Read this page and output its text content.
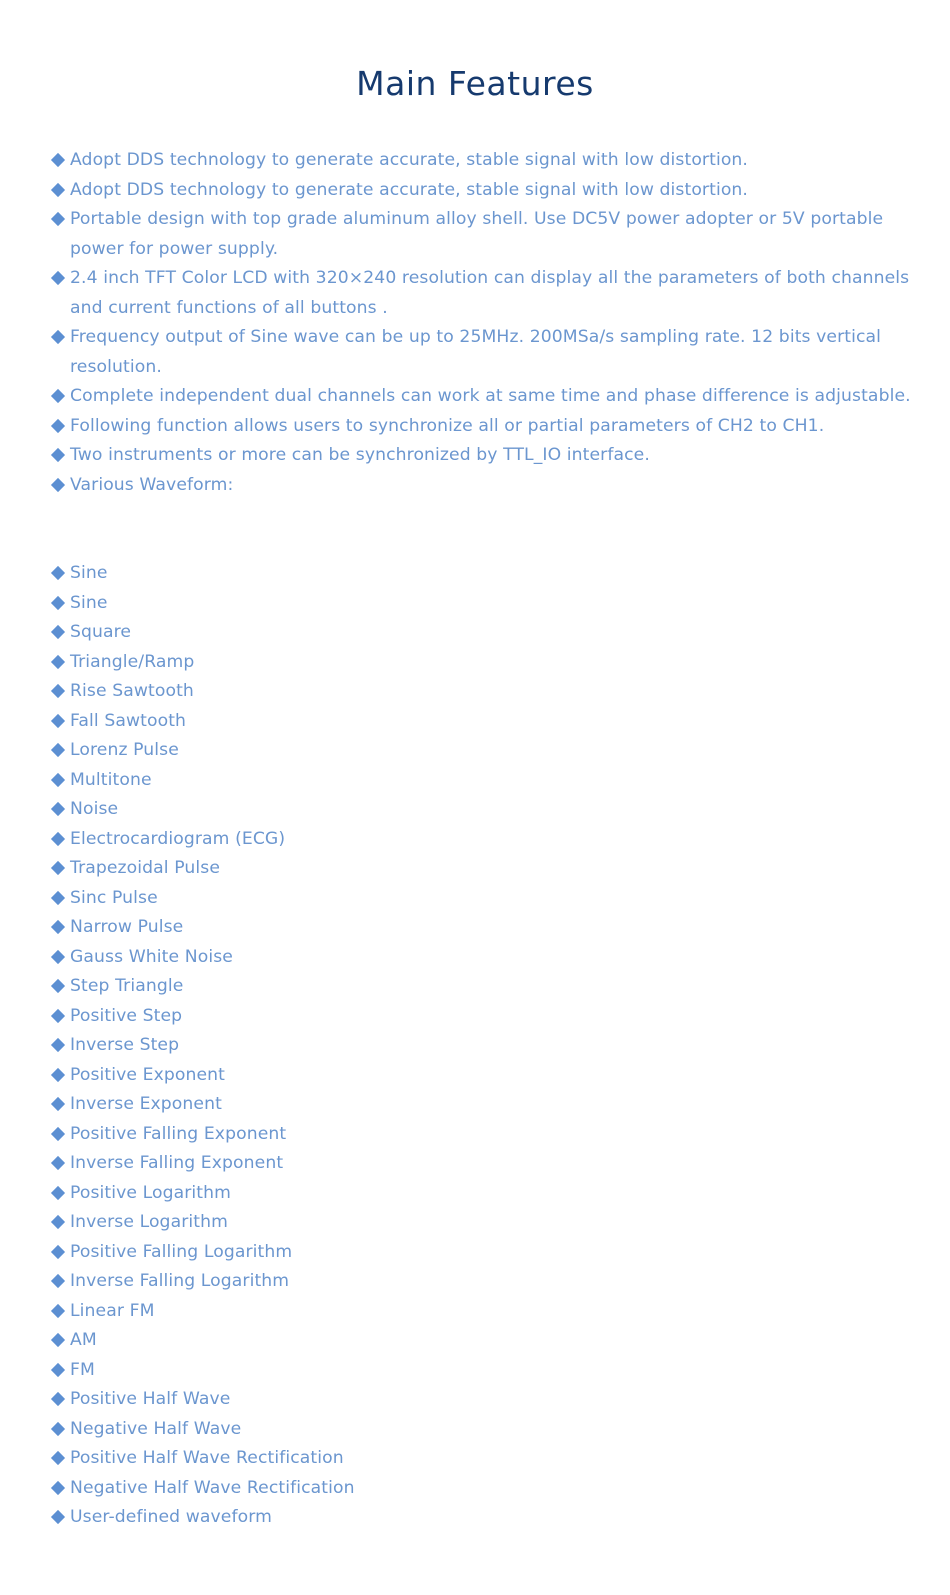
Main Features
Adopt DDS technology to generate accurate, stable signal with low distortion.
Adopt DDS technology to generate accurate, stable signal with low distortion.
Portable design with top grade aluminum alloy shell. Use DC5V power adopter or 5V portable power for power supply.
2.4 inch TFT Color LCD with 320×240 resolution can display all the parameters of both channels and current functions of all buttons .
Frequency output of Sine wave can be up to 25MHz. 200MSa/s sampling rate. 12 bits vertical resolution.
Complete independent dual channels can work at same time and phase difference is adjustable.
Following function allows users to synchronize all or partial parameters of CH2 to CH1.
Two instruments or more can be synchronized by TTL_IO interface.
Various Waveform:
Sine
Sine
Square
Triangle/Ramp
Rise Sawtooth
Fall Sawtooth
Lorenz Pulse
Multitone
Noise
Electrocardiogram (ECG)
Trapezoidal Pulse
Sinc Pulse
Narrow Pulse
Gauss White Noise
Step Triangle
Positive Step
Inverse Step
Positive Exponent
Inverse Exponent
Positive Falling Exponent
Inverse Falling Exponent
Positive Logarithm
Inverse Logarithm
Positive Falling Logarithm
Inverse Falling Logarithm
Linear FM
AM
FM
Positive Half Wave
Negative Half Wave
Positive Half Wave Rectification
Negative Half Wave Rectification
User-defined waveform
